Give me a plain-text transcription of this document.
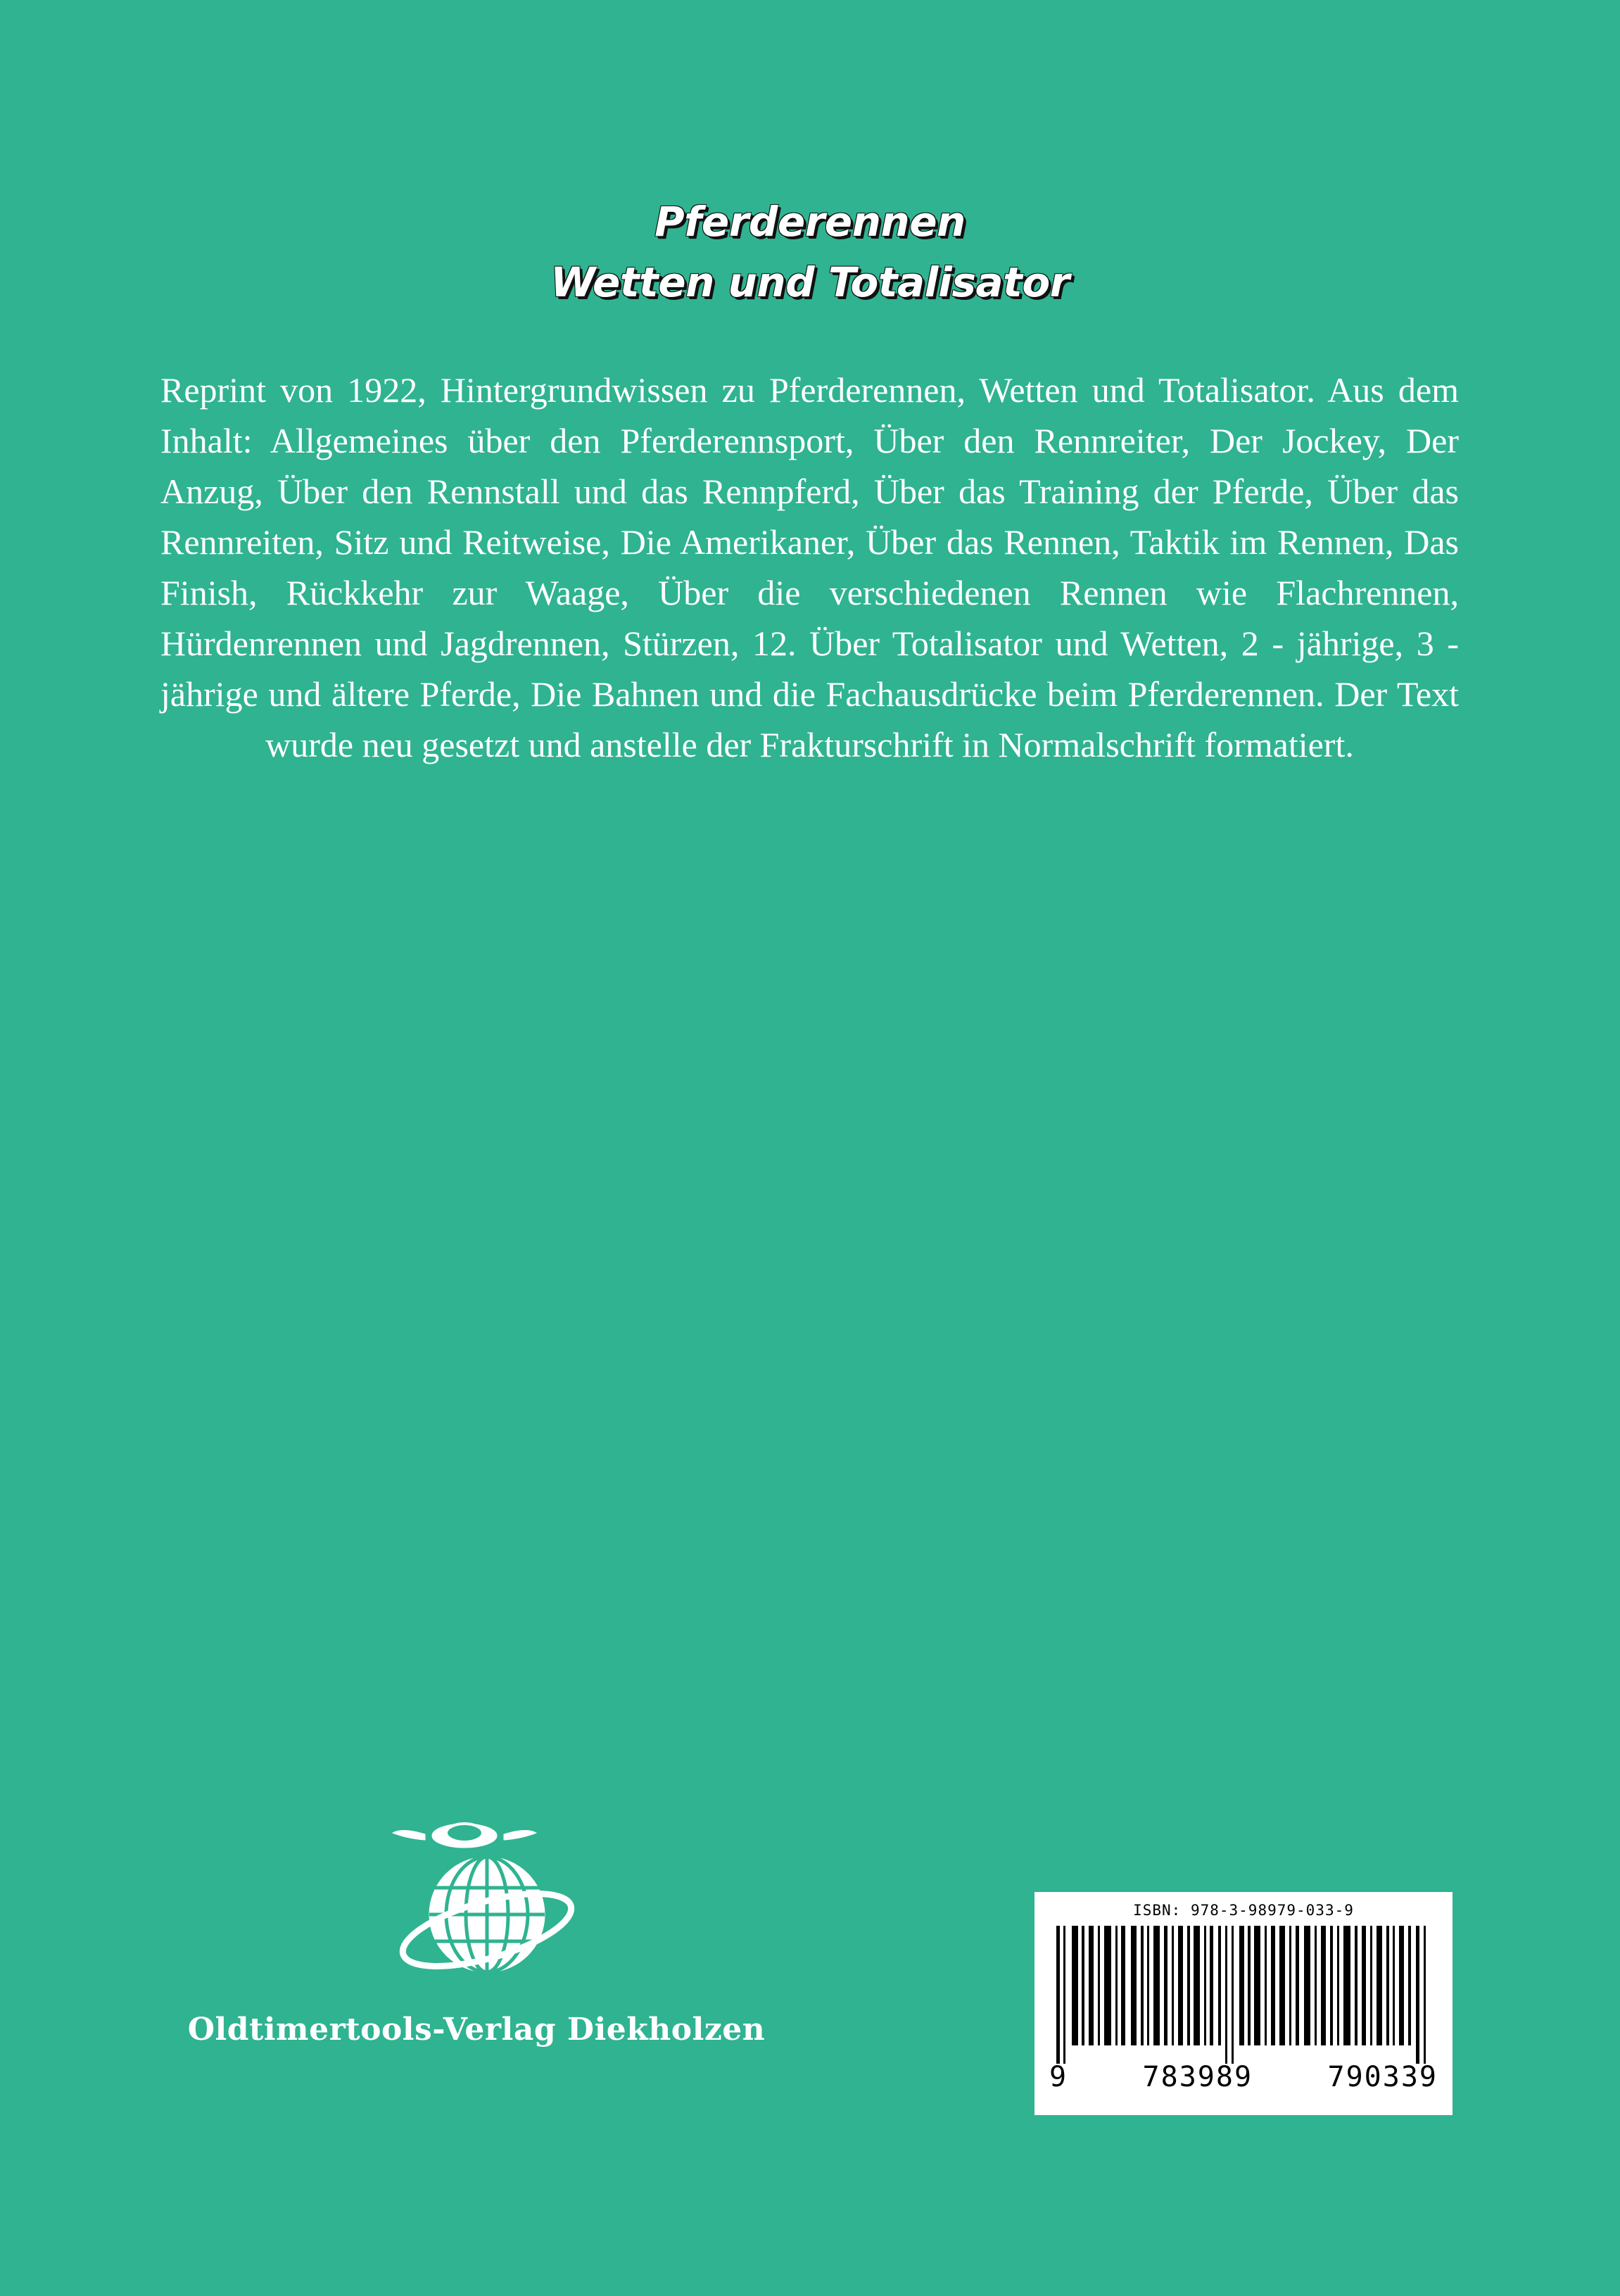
Pferderennen
Wetten und Totalisator
Reprint von 1922, Hintergrundwissen zu Pferderennen, Wetten und Totalisator. Aus dem Inhalt: Allgemeines über den Pferderennsport, Über den Rennreiter, Der Jockey, Der Anzug, Über den Rennstall und das Rennpferd, Über das Training der Pferde, Über das Rennreiten, Sitz und Reitweise, Die Amerikaner, Über das Rennen, Taktik im Rennen, Das Finish, Rückkehr zur Waage, Über die verschiedenen Rennen wie Flachrennen, Hürdenrennen und Jagdrennen, Stürzen, 12. Über Totalisator und Wetten, 2 - jährige, 3 - jährige und ältere Pferde, Die Bahnen und die Fachausdrücke beim Pferderennen. Der Text wurde neu gesetzt und anstelle der Frakturschrift in Normalschrift formatiert.
Oldtimertools-Verlag Diekholzen
ISBN: 978-3-98979-033-9
9	783989	790339
